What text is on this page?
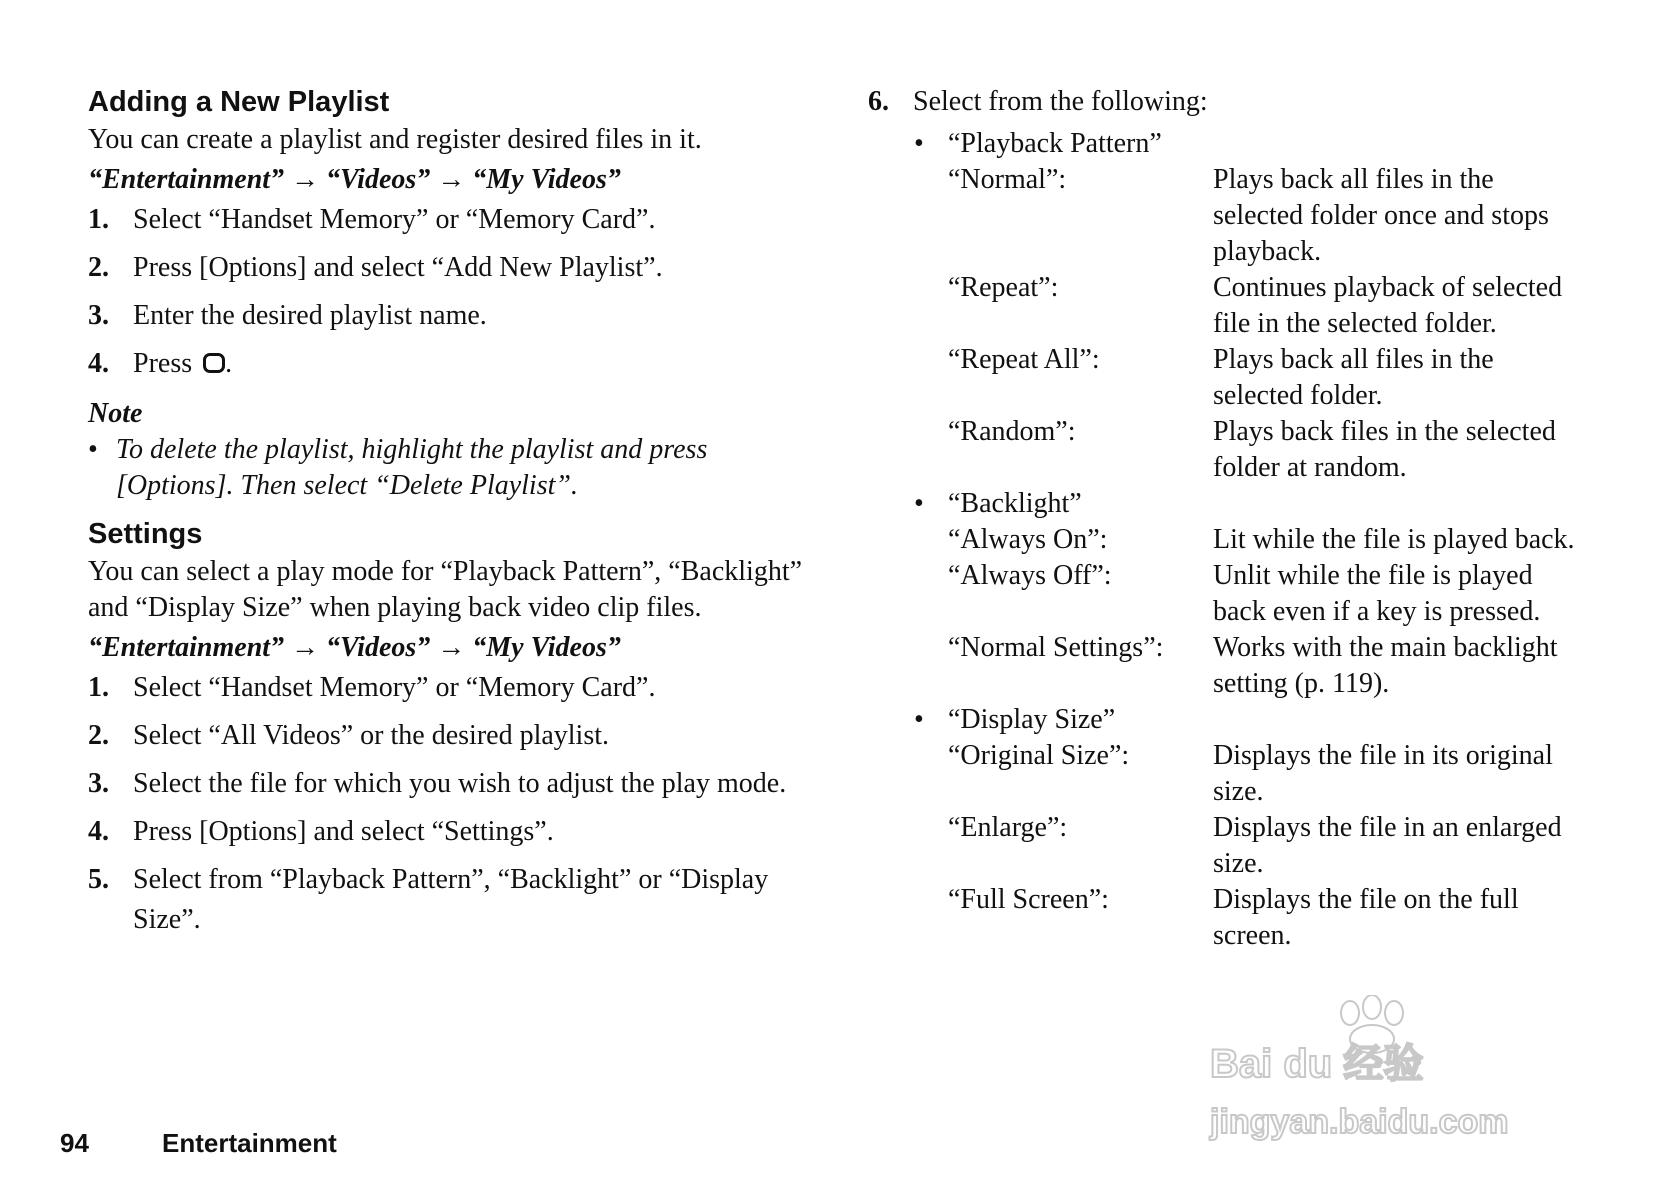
Adding a New Playlist

You can create a playlist and register desired files in it.

“Entertainment” → “Videos” → “My Videos”

1. Select “Handset Memory” or “Memory Card”.
2. Press [Options] and select “Add New Playlist”.
3. Enter the desired playlist name.
4. Press .

Note

• To delete the playlist, highlight the playlist and press [Options]. Then select “Delete Playlist”.

Settings

You can select a play mode for “Playback Pattern”, “Backlight” and “Display Size” when playing back video clip files.

“Entertainment” → “Videos” → “My Videos”

1. Select “Handset Memory” or “Memory Card”.
2. Select “All Videos” or the desired playlist.
3. Select the file for which you wish to adjust the play mode.
4. Press [Options] and select “Settings”.
5. Select from “Playback Pattern”, “Backlight” or “Display Size”.

6. Select from the following:

• “Playback Pattern”

“Normal”:	Plays back all files in the selected folder once and stops playback.
“Repeat”:	Continues playback of selected file in the selected folder.
“Repeat All”:	Plays back all files in the selected folder.
“Random”:	Plays back files in the selected folder at random.
• “Backlight”

“Always On”:	Lit while the file is played back.
“Always Off”:	Unlit while the file is played back even if a key is pressed.
“Normal Settings”:	Works with the main backlight setting (p. 119).
• “Display Size”

“Original Size”:	Displays the file in its original size.
“Enlarge”:	Displays the file in an enlarged size.
“Full Screen”:	Displays the file on the full screen.
94	Entertainment
Bai du 经验
jingyan.baidu.com
